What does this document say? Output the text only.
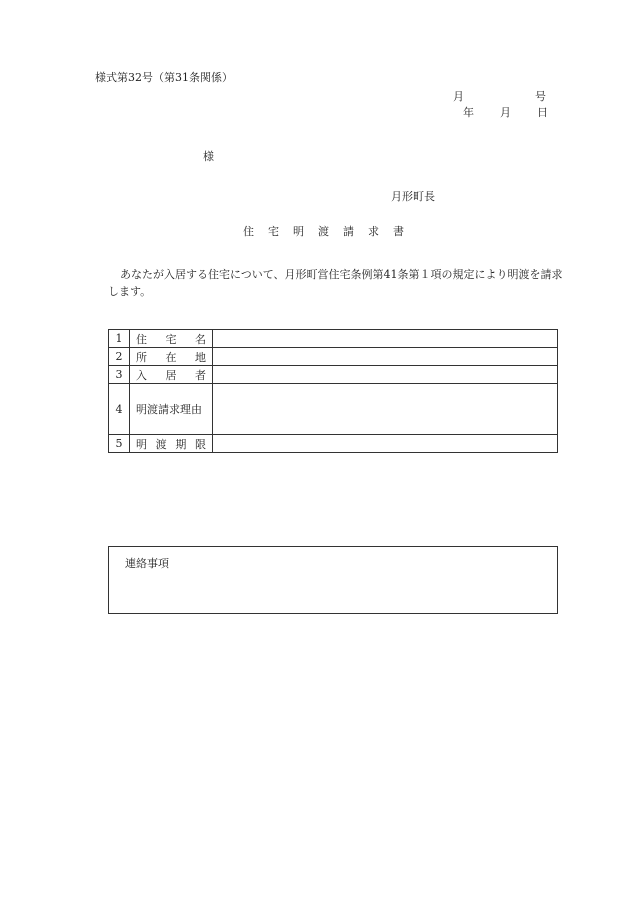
様式第32号（第31条関係）
月	号
年 月 日
様
月形町長
住 宅 明 渡 請 求 書
あなたが入居する住宅について、月形町営住宅条例第41条第１項の規定により明渡を請求します。
1	住宅名	
2	所在地	
3	入居者	
4	明渡請求理由	
5	明渡期限	
連絡事項
